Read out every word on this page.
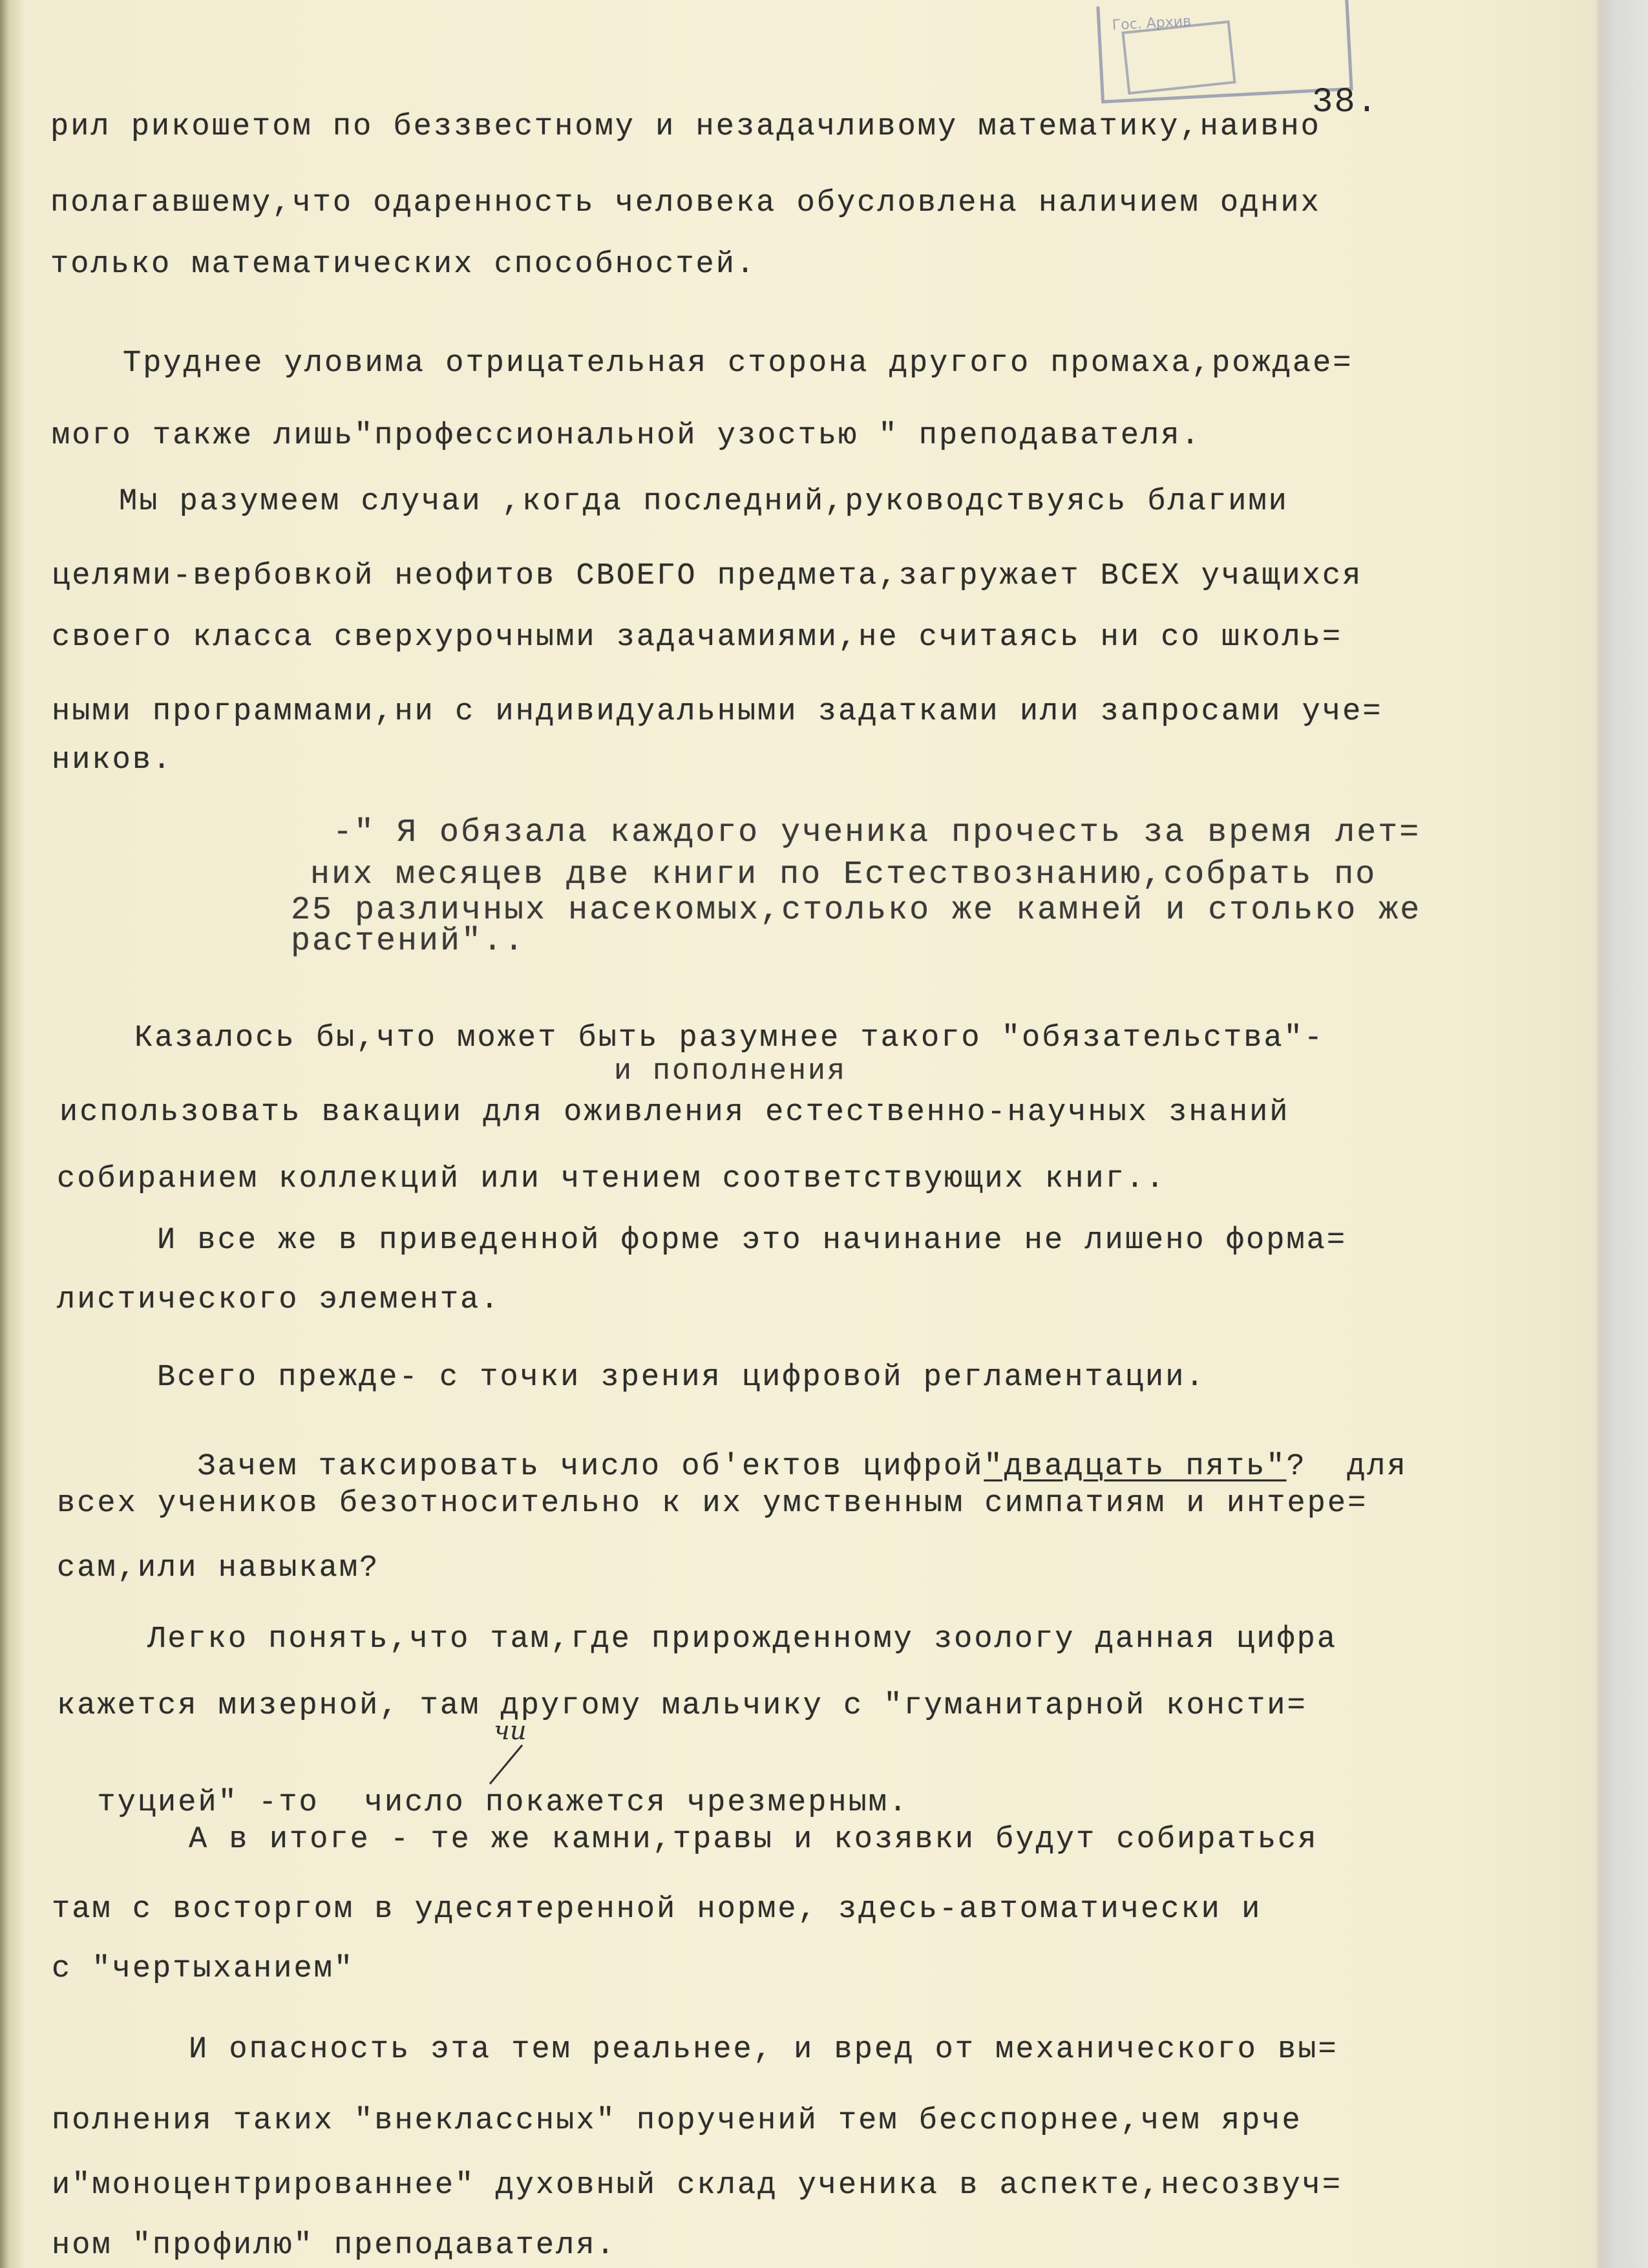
Гос. Архив
38.
рил рикошетом по беззвестному и незадачливому математику,наивно
полагавшему,что одаренность человека обусловлена наличием одних
только математических способностей.
Труднее уловима отрицательная сторона другого промаха,рождае=
мого также лишь"профессиональной узостью " преподавателя.
Мы разумеем случаи ,когда последний,руководствуясь благими
целями-вербовкой неофитов СВОЕГО предмета,загружает ВСЕХ учащихся
своего класса сверхурочными задачамиями,не считаясь ни со школь=
ными программами,ни с индивидуальными задатками или запросами уче=
ников.
-" Я обязала каждого ученика прочесть за время лет=
них месяцев две книги по Естествознанию,собрать по
25 различных насекомых,столько же камней и столько же
растений"..
Казалось бы,что может быть разумнее такого "обязательства"-
и пополнения
использовать вакации для оживления естественно-научных знаний
собиранием коллекций или чтением соответствующих книг..
И все же в приведенной форме это начинание не лишено форма=
листического элемента.
Всего прежде- с точки зрения цифровой регламентации.

Зачем таксировать число об'ектов цифрой"двадцать пять"?  для

всех учеников безотносительно к их умственным симпатиям и интере=
сам,или навыкам?
Легко понять,что там,где прирожденному зоологу данная цифра
кажется мизерной, там другому мальчику с "гуманитарной консти=

туцией" -то число покажется чрезмерным.

чи
А в итоге - те же камни,травы и козявки будут собираться
там с восторгом в удесятеренной норме, здесь-автоматически и
с "чертыханием"
И опасность эта тем реальнее, и вред от механического вы=
полнения таких "внеклассных" поручений тем бесспорнее,чем ярче
и"моноцентрированнее" духовный склад ученика в аспекте,несозвуч=
ном "профилю" преподавателя.
